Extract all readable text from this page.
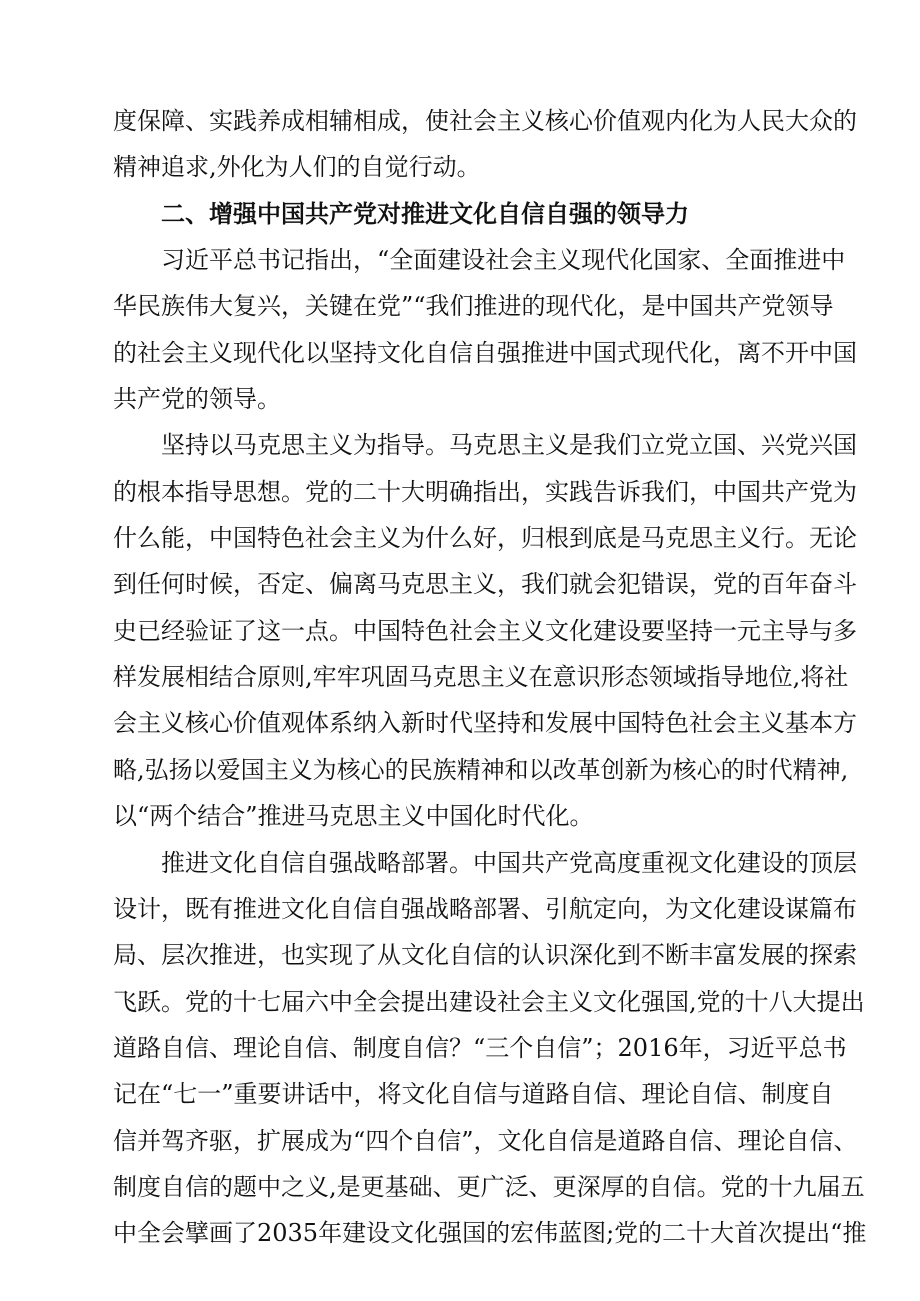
度保障、实践养成相辅相成，使社会主义核心价值观内化为人民大众的
精神追求,外化为人们的自觉行动。
二、增强中国共产党对推进文化自信自强的领导力
习近平总书记指出，“全面建设社会主义现代化国家、全面推进中
华民族伟大复兴，关键在党”“我们推进的现代化，是中国共产党领导
的社会主义现代化以坚持文化自信自强推进中国式现代化，离不开中国
共产党的领导。
坚持以马克思主义为指导。马克思主义是我们立党立国、兴党兴国
的根本指导思想。党的二十大明确指出，实践告诉我们，中国共产党为
什么能，中国特色社会主义为什么好，归根到底是马克思主义行。无论
到任何时候，否定、偏离马克思主义，我们就会犯错误，党的百年奋斗
史已经验证了这一点。中国特色社会主义文化建设要坚持一元主导与多
样发展相结合原则,牢牢巩固马克思主义在意识形态领域指导地位,将社
会主义核心价值观体系纳入新时代坚持和发展中国特色社会主义基本方
略,弘扬以爱国主义为核心的民族精神和以改革创新为核心的时代精神,
以“两个结合”推进马克思主义中国化时代化。
推进文化自信自强战略部署。中国共产党高度重视文化建设的顶层
设计，既有推进文化自信自强战略部署、引航定向，为文化建设谋篇布
局、层次推进，也实现了从文化自信的认识深化到不断丰富发展的探索
飞跃。党的十七届六中全会提出建设社会主义文化强国,党的十八大提出
道路自信、理论自信、制度自信？“三个自信”；2016年，习近平总书
记在“七一”重要讲话中，将文化自信与道路自信、理论自信、制度自
信并驾齐驱，扩展成为“四个自信”，文化自信是道路自信、理论自信、
制度自信的题中之义,是更基础、更广泛、更深厚的自信。党的十九届五
中全会擘画了2035年建设文化强国的宏伟蓝图;党的二十大首次提出“推
